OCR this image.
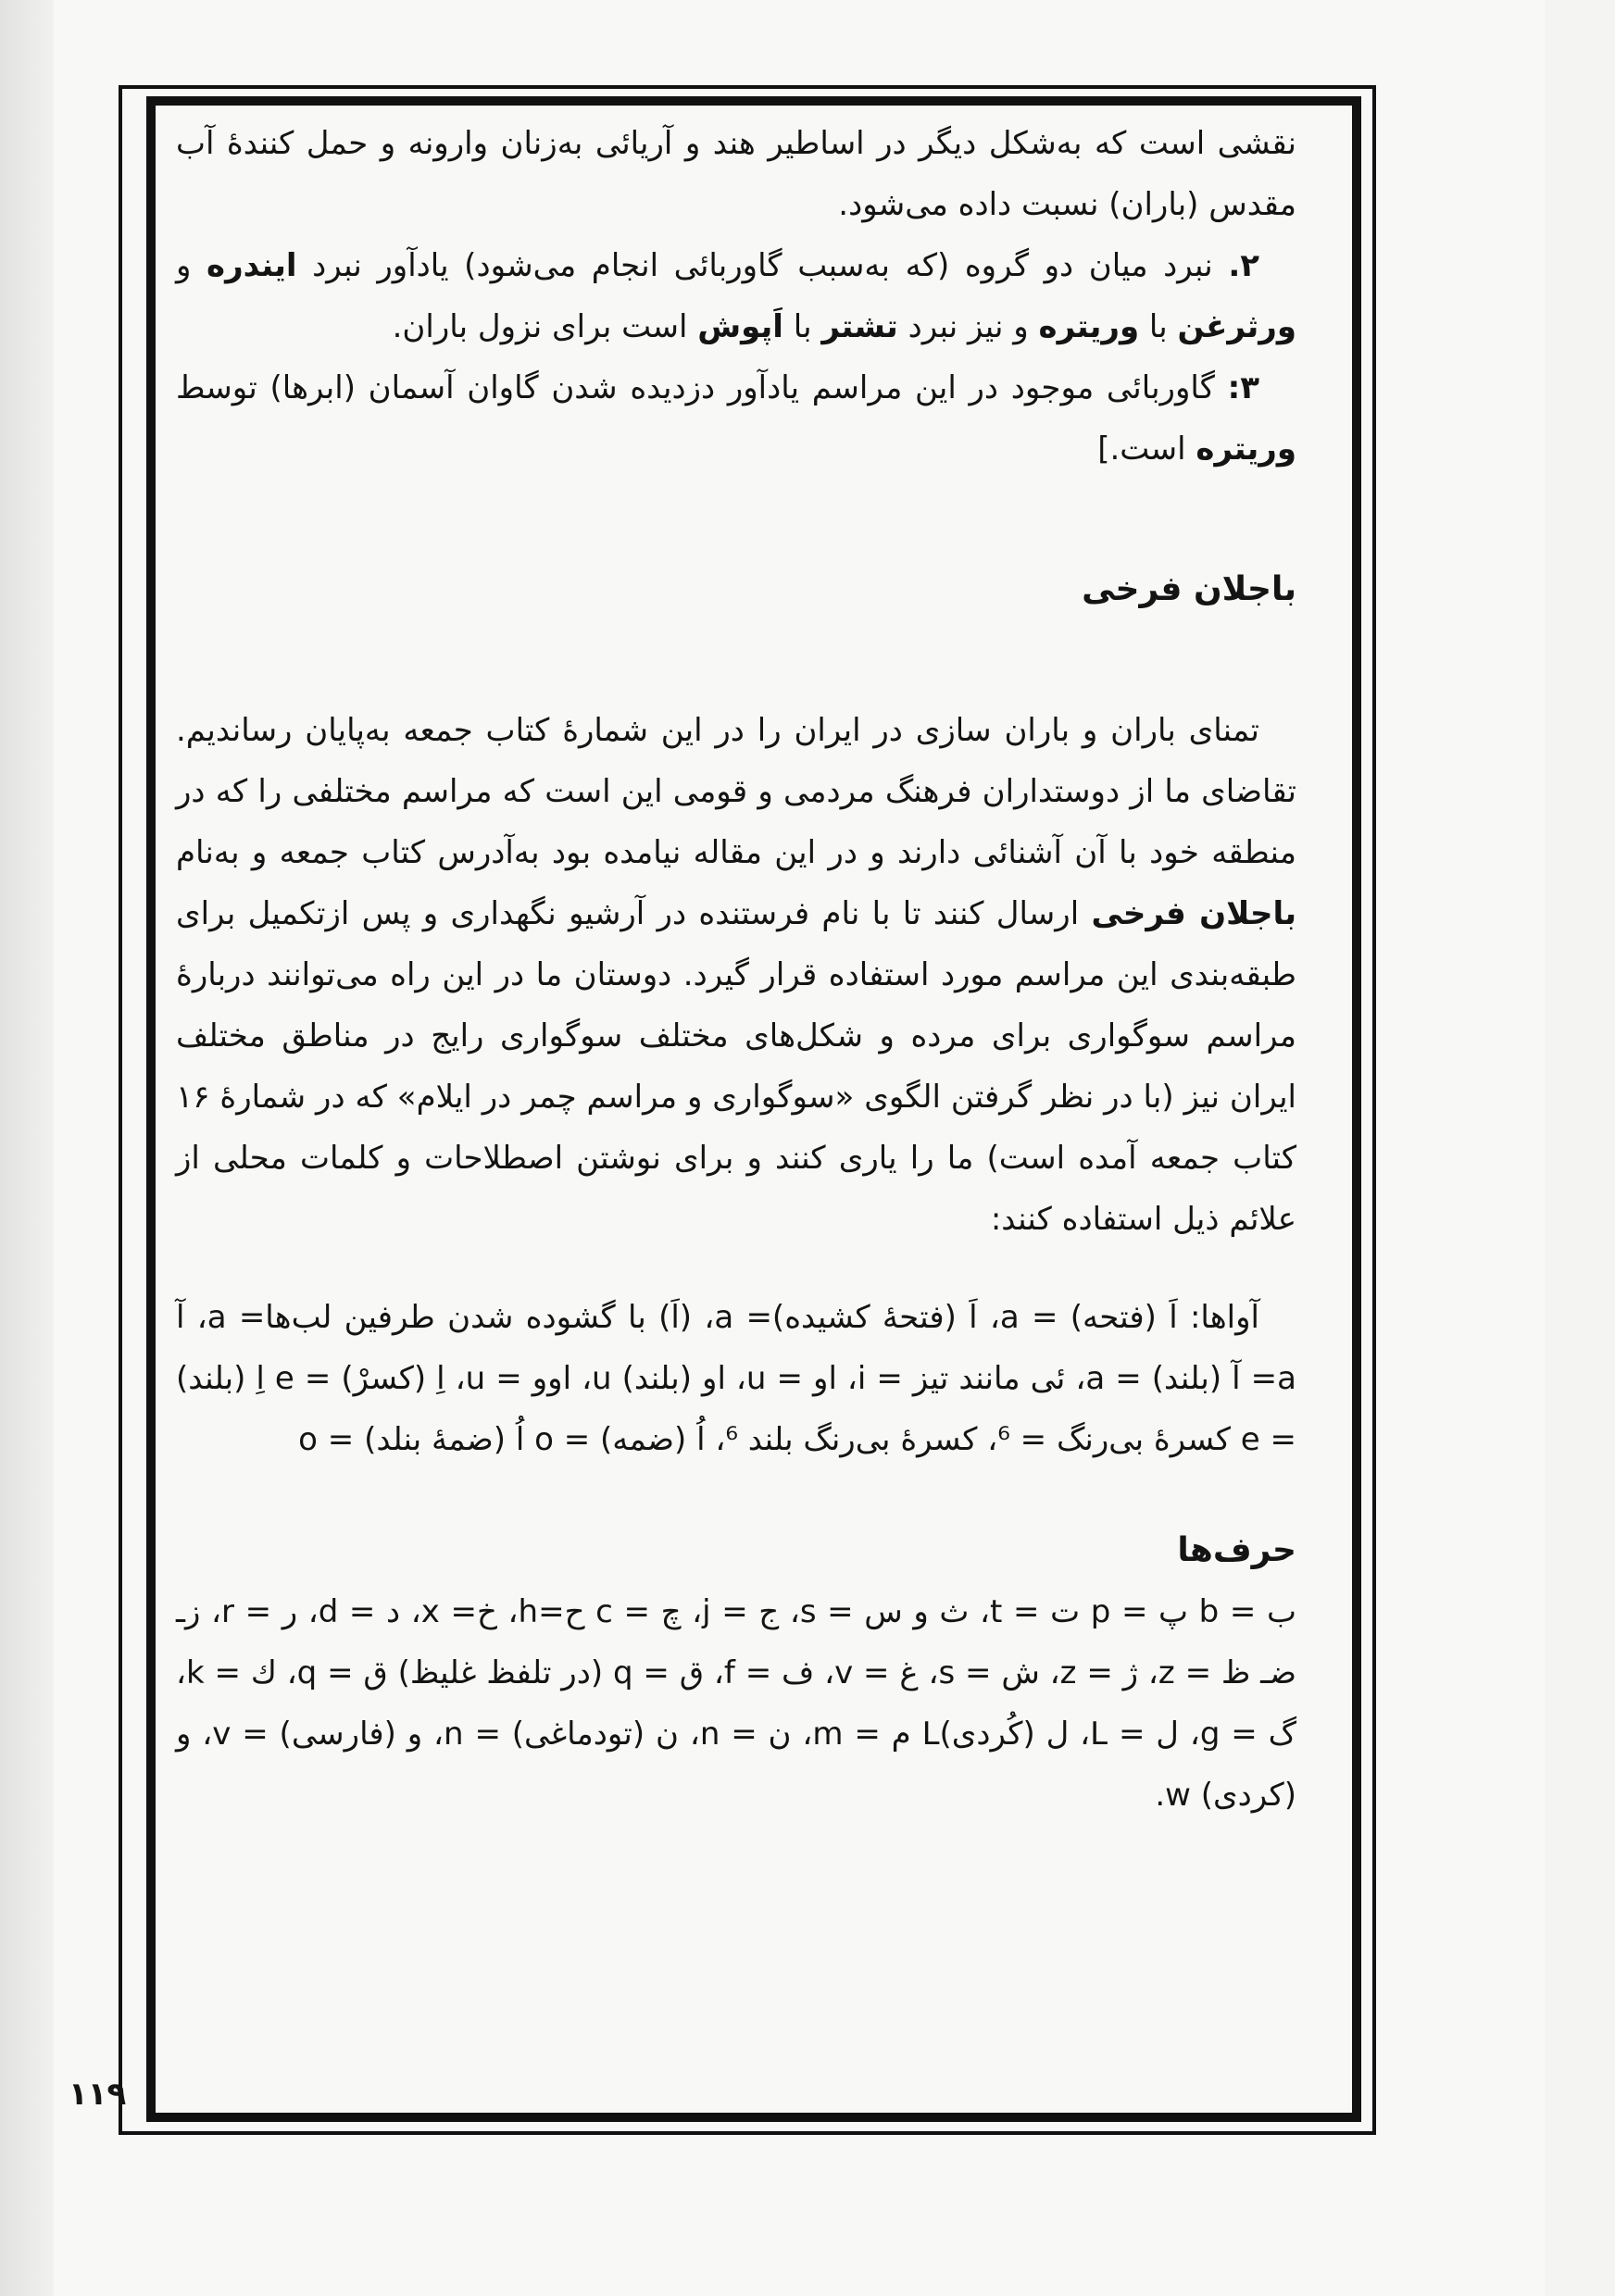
نقشی است که به‌شکل دیگر در اساطیر هند و آریائی به‌زنان وارونه و حمل کنندهٔ آب مقدس (باران) نسبت داده می‌شود.

۲. نبرد میان دو گروه (که به‌سبب گاوربائی انجام می‌شود) یادآور نبرد ایندره و ورثرغن با وریتره و نیز نبرد تشتر با اَپوش است برای نزول باران.

۳: گاوربائی موجود در این مراسم یادآور دزدیده شدن گاوان آسمان (ابرها) توسط وریتره است.]

باجلان فرخی

تمنای باران و باران سازی در ایران را در این شمارهٔ کتاب جمعه به‌پایان رساندیم. تقاضای ما از دوستداران فرهنگ مردمی و قومی این است که مراسم مختلفی را که در منطقه خود با آن آشنائی دارند و در این مقاله نیامده بود به‌آدرس کتاب جمعه و به‌نام باجلان فرخی ارسال کنند تا با نام فرستنده در آرشیو نگهداری و پس ازتکمیل برای طبقه‌بندی این مراسم مورد استفاده قرار گیرد. دوستان ما در این راه می‌توانند دربارهٔ مراسم سوگواری برای مرده و شکل‌های مختلف سوگواری رایج در مناطق مختلف ایران نیز (با در نظر گرفتن الگوی «سوگواری و مراسم چمر در ایلام» که در شمارهٔ ۱۶ کتاب جمعه آمده است) ما را یاری کنند و برای نوشتن اصطلاحات و کلمات محلی از علائم ذیل استفاده کنند:

آواها: اَ (فتحه) = a، اَ (فتحهٔ کشیده)= a، (اَ) با گشوده شدن طرفین لب‌ها= a، آ a= آ (بلند) = a، ئی مانند تیز = i، او = u، او (بلند) u، اوو = u، اِ (کسرْ) = e اِ (بلند) = e کسرهٔ بی‌رنگ = ⁶، کسرهٔ بی‌رنگ بلند ⁶، اُ (ضمه) = o اُ (ضمهٔ بنلد) = o

حرف‌ها

ب = b پ = p ت = t، ث و س = s، ج = j، چ = c ح=h، خ= x، د = d، ر = r، زـ ضـ ظ = z، ژ = z، ش = s، غ = v، ف = f، ق = q (در تلفظ غلیظ) ق = q، ك = k، گ = g، ل = L، ل (کُردی)L م = m، ن = n، ن (تودماغی) = n، و (فارسی) = v، و (کردی) w.

۱۱۹
